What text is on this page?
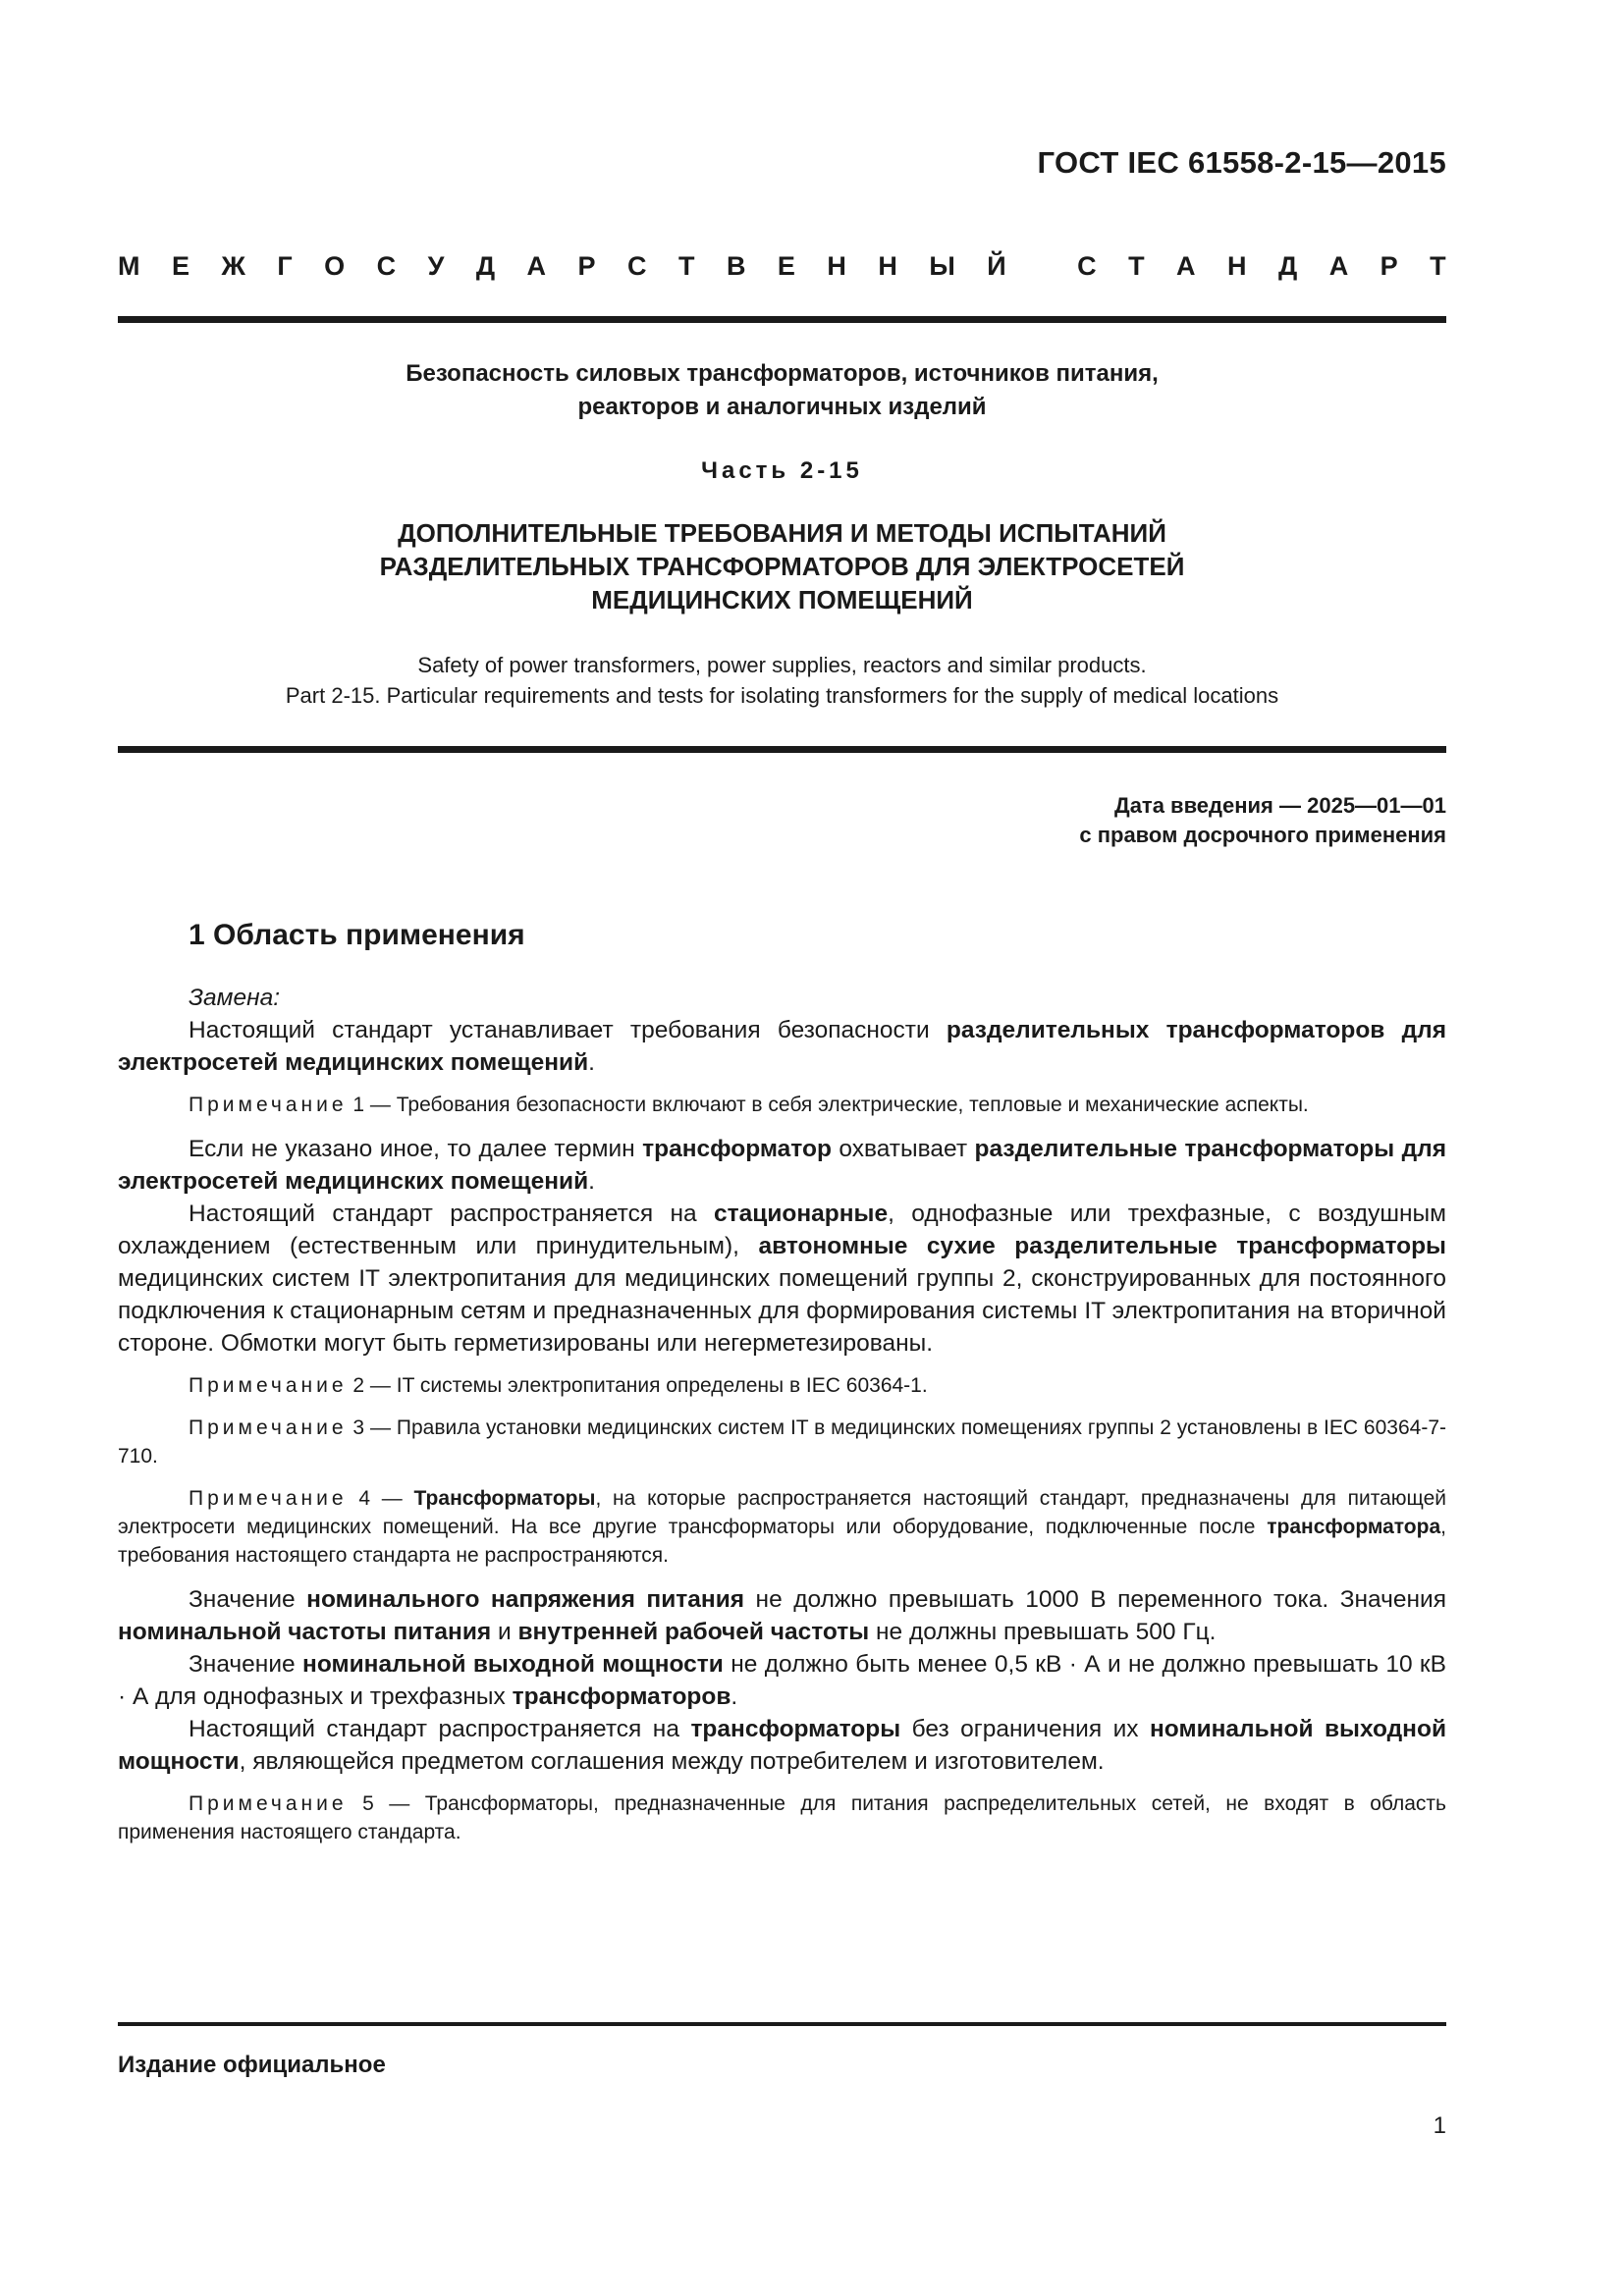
ГОСТ IEC 61558-2-15—2015
М Е Ж Г О С У Д А Р С Т В Е Н Н Ы Й
	С Т А Н Д А Р Т
Безопасность силовых трансформаторов, источников питания,
реакторов и аналогичных изделий
Часть 2-15
ДОПОЛНИТЕЛЬНЫЕ ТРЕБОВАНИЯ И МЕТОДЫ ИСПЫТАНИЙ
РАЗДЕЛИТЕЛЬНЫХ ТРАНСФОРМАТОРОВ ДЛЯ ЭЛЕКТРОСЕТЕЙ
МЕДИЦИНСКИХ ПОМЕЩЕНИЙ
Safety of power transformers, power supplies, reactors and similar products.
Part 2-15. Particular requirements and tests for isolating transformers for the supply of medical locations
Дата введения — 2025—01—01
с правом досрочного применения
1 Область применения

Замена:

Настоящий стандарт устанавливает требования безопасности разделительных трансформаторов для электросетей медицинских помещений.

Примечание 1 — Требования безопасности включают в себя электрические, тепловые и механические аспекты.

Если не указано иное, то далее термин трансформатор охватывает разделительные трансформаторы для электросетей медицинских помещений.

Настоящий стандарт распространяется на стационарные, однофазные или трехфазные, с воздушным охлаждением (естественным или принудительным), автономные сухие разделительные трансформаторы медицинских систем IT электропитания для медицинских помещений группы 2, сконструированных для постоянного подключения к стационарным сетям и предназначенных для формирования системы IT электропитания на вторичной стороне. Обмотки могут быть герметизированы или негерметезированы.

Примечание 2 — IT системы электропитания определены в IEC 60364-1.

Примечание 3 — Правила установки медицинских систем IT в медицинских помещениях группы 2 установлены в IEC 60364-7-710.

Примечание 4 — Трансформаторы, на которые распространяется настоящий стандарт, предназначены для питающей электросети медицинских помещений. На все другие трансформаторы или оборудование, подключенные после трансформатора, требования настоящего стандарта не распространяются.

Значение номинального напряжения питания не должно превышать 1000 В переменного тока. Значения номинальной частоты питания и внутренней рабочей частоты не должны превышать 500 Гц.

Значение номинальной выходной мощности не должно быть менее 0,5 кВ · А и не должно превышать 10 кВ · А для однофазных и трехфазных трансформаторов.

Настоящий стандарт распространяется на трансформаторы без ограничения их номинальной выходной мощности, являющейся предметом соглашения между потребителем и изготовителем.

Примечание 5 — Трансформаторы, предназначенные для питания распределительных сетей, не входят в область применения настоящего стандарта.

Издание официальное
1
